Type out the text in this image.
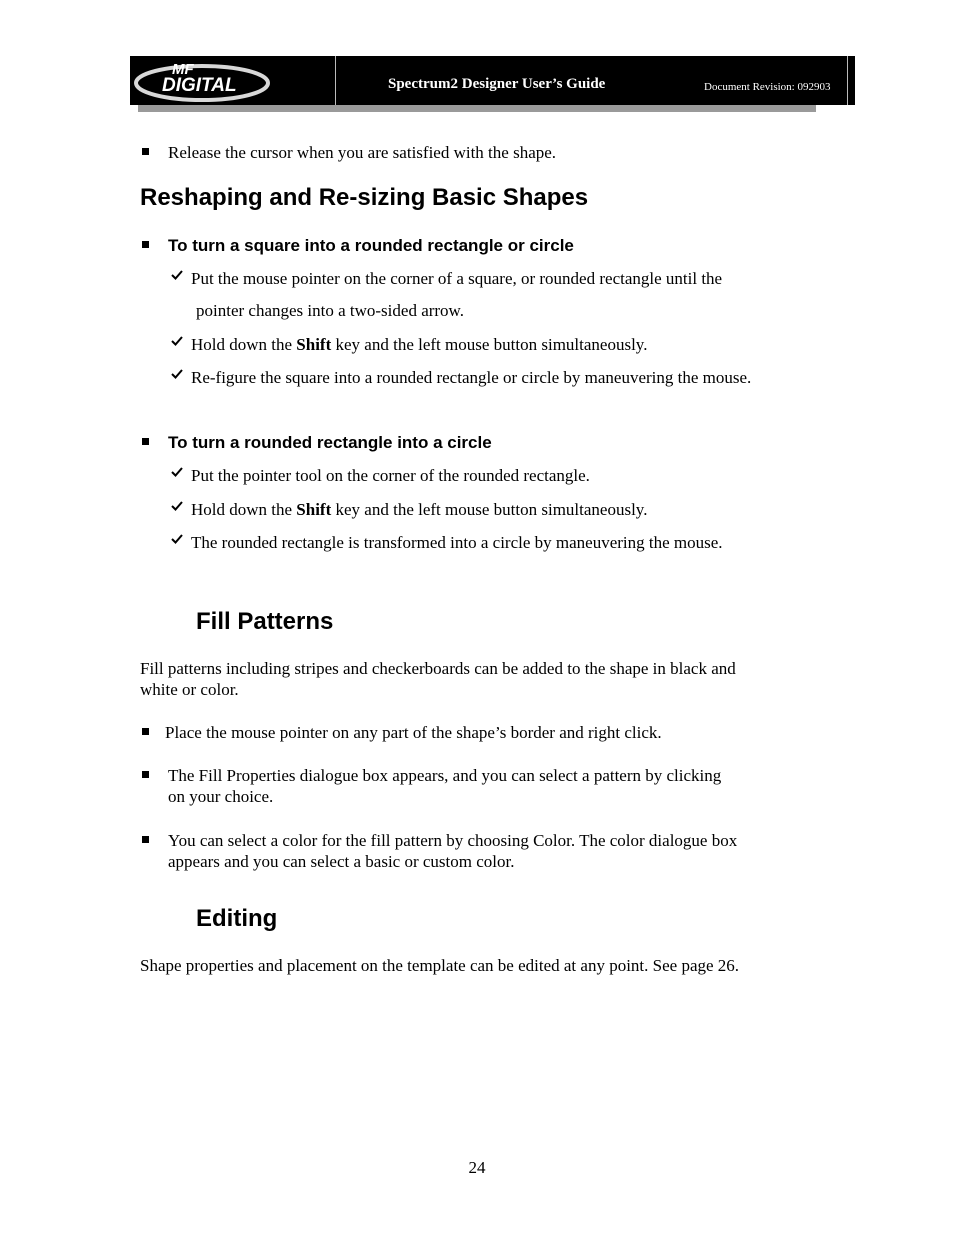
MF
DIGITAL	Spectrum2 Designer User’s Guide	Document Revision: 092903
Release the cursor when you are satisfied with the shape.
Reshaping and Re-sizing Basic Shapes
To turn a square into a rounded rectangle or circle
Put the mouse pointer on the corner of a square, or rounded rectangle until the
pointer changes into a two-sided arrow.
Hold down the Shift key and the left mouse button simultaneously.
Re-figure the square into a rounded rectangle or circle by maneuvering the mouse.
To turn a rounded rectangle into a circle
Put the pointer tool on the corner of the rounded rectangle.
Hold down the Shift key and the left mouse button simultaneously.
The rounded rectangle is transformed into a circle by maneuvering the mouse.
Fill Patterns
Fill patterns including stripes and checkerboards can be added to the shape in black and
white or color.
Place the mouse pointer on any part of the shape’s border and right click.
The Fill Properties dialogue box appears, and you can select a pattern by clicking
on your choice.
You can select a color for the fill pattern by choosing Color. The color dialogue box
appears and you can select a basic or custom color.
Editing
Shape properties and placement on the template can be edited at any point. See page 26.
24
